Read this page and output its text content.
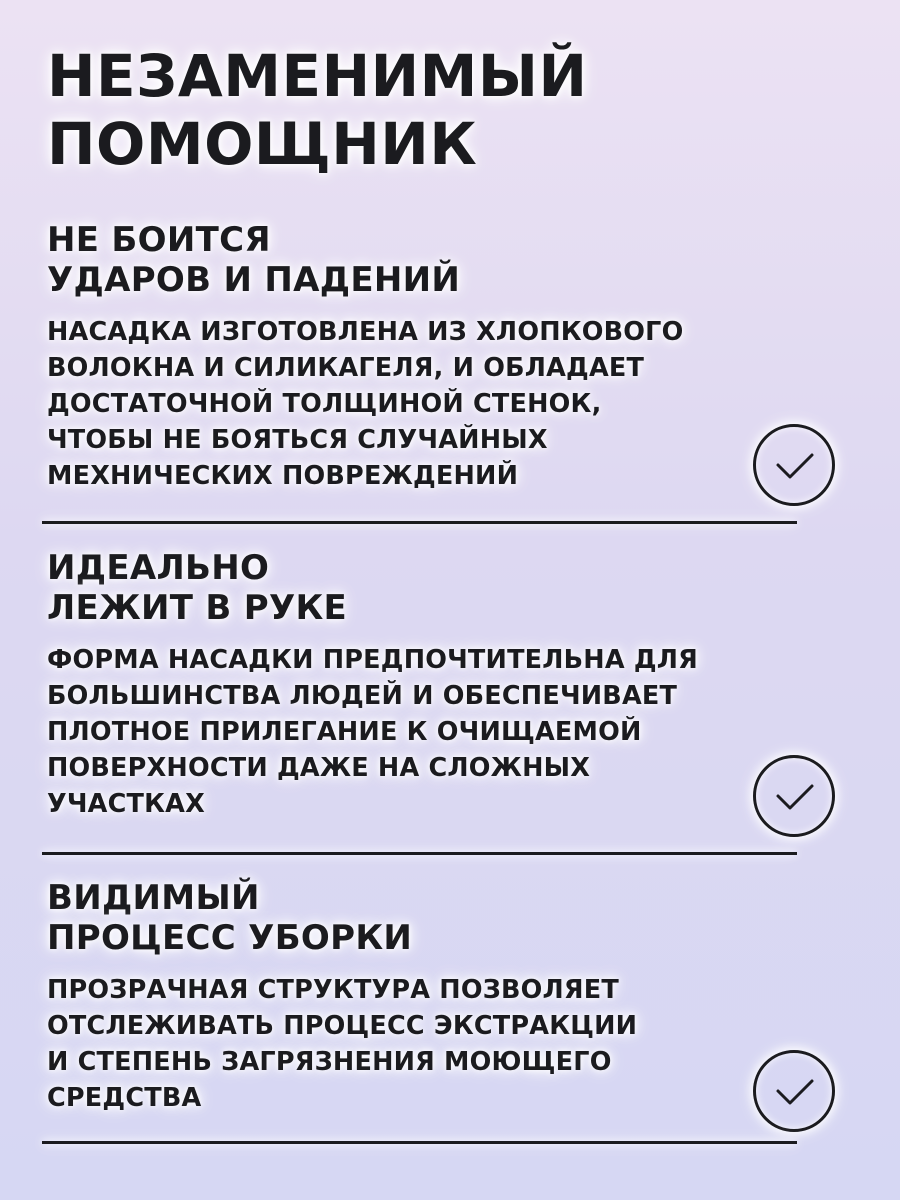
НЕЗАМЕНИМЫЙ
ПОМОЩНИК
НЕ БОИТСЯ
УДАРОВ И ПАДЕНИЙ

НАСАДКА ИЗГОТОВЛЕНА ИЗ ХЛОПКОВОГО
ВОЛОКНА И СИЛИКАГЕЛЯ, И ОБЛАДАЕТ
ДОСТАТОЧНОЙ ТОЛЩИНОЙ СТЕНОК,
ЧТОБЫ НЕ БОЯТЬСЯ СЛУЧАЙНЫХ
МЕХНИЧЕСКИХ ПОВРЕЖДЕНИЙ

ИДЕАЛЬНО
ЛЕЖИТ В РУКЕ

ФОРМА НАСАДКИ ПРЕДПОЧТИТЕЛЬНА ДЛЯ
БОЛЬШИНСТВА ЛЮДЕЙ И ОБЕСПЕЧИВАЕТ
ПЛОТНОЕ ПРИЛЕГАНИЕ К ОЧИЩАЕМОЙ
ПОВЕРХНОСТИ ДАЖЕ НА СЛОЖНЫХ
УЧАСТКАХ

ВИДИМЫЙ
ПРОЦЕСС УБОРКИ

ПРОЗРАЧНАЯ СТРУКТУРА ПОЗВОЛЯЕТ
ОТСЛЕЖИВАТЬ ПРОЦЕСС ЭКСТРАКЦИИ
И СТЕПЕНЬ ЗАГРЯЗНЕНИЯ МОЮЩЕГО
СРЕДСТВА
